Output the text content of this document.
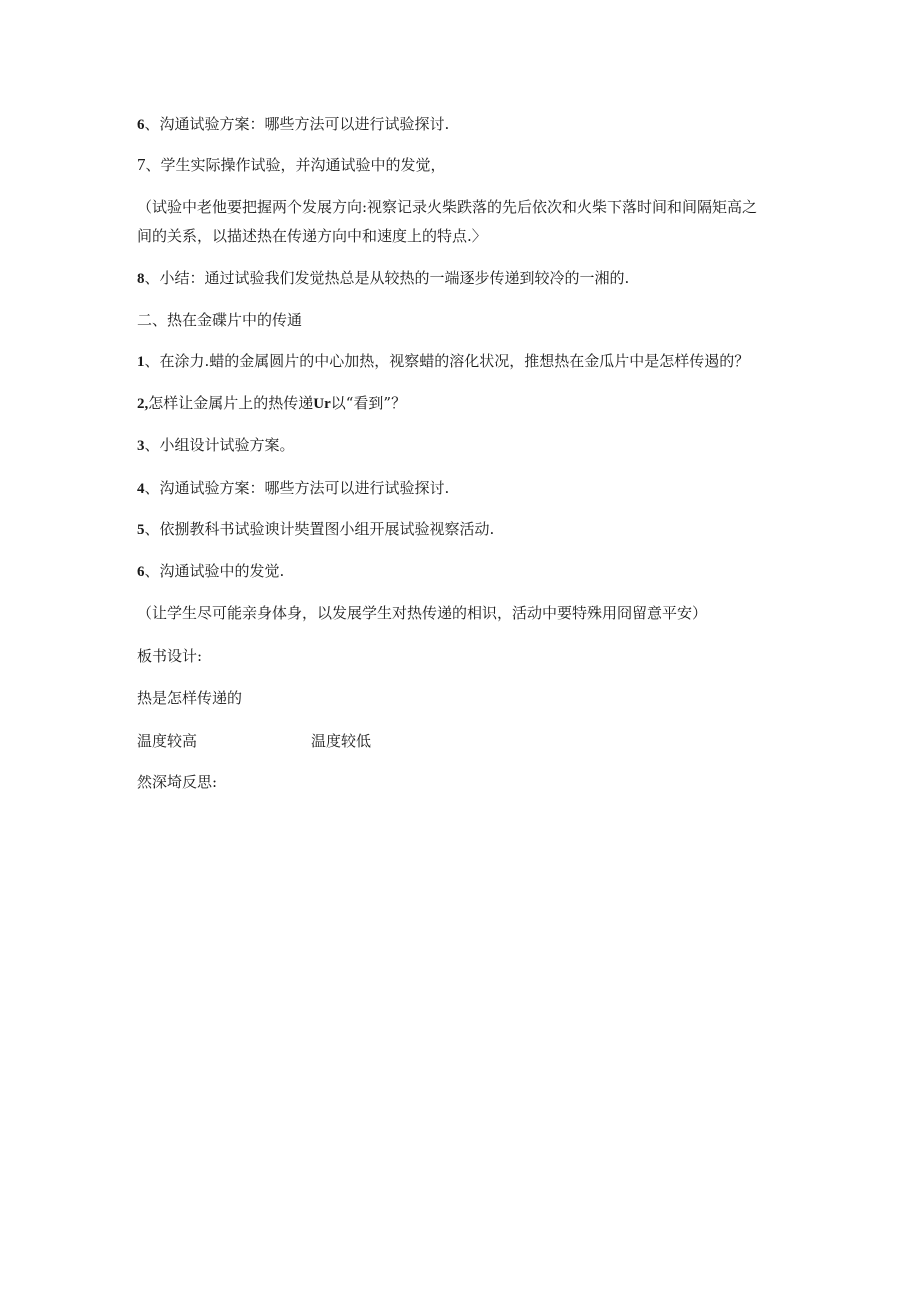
6、沟通试验方案：哪些方法可以进行试验探讨.
7、学生实际操作试验，并沟通试验中的发觉，
（试验中老他要把握两个发展方向:视察记录火柴跌落的先后依次和火柴下落时间和间隔矩高之
间的关系，以描述热在传递方向中和速度上的特点.〉
8、小结：通过试验我们发觉热总是从较热的一端逐步传递到较冷的一湘的.
二、热在金碟片中的传通
1、在涂力.蜡的金属圆片的中心加热，视察蜡的溶化状况，推想热在金瓜片中是怎样传遏的？
2,怎样让金属片上的热传递Ur以“看到”？
3、小组设计试验方案。
4、沟通试验方案：哪些方法可以进行试验探讨.
5、依捌教科书试验谀计奘置图小组开展试验视察活动.
6、沟通试验中的发觉.
（让学生尽可能亲身体身，以发展学生对热传递的相识，活动中要特殊用冏留意平安）
板书设计:
热是怎样传递的
温度较高	温度较低
然深埼反思:
